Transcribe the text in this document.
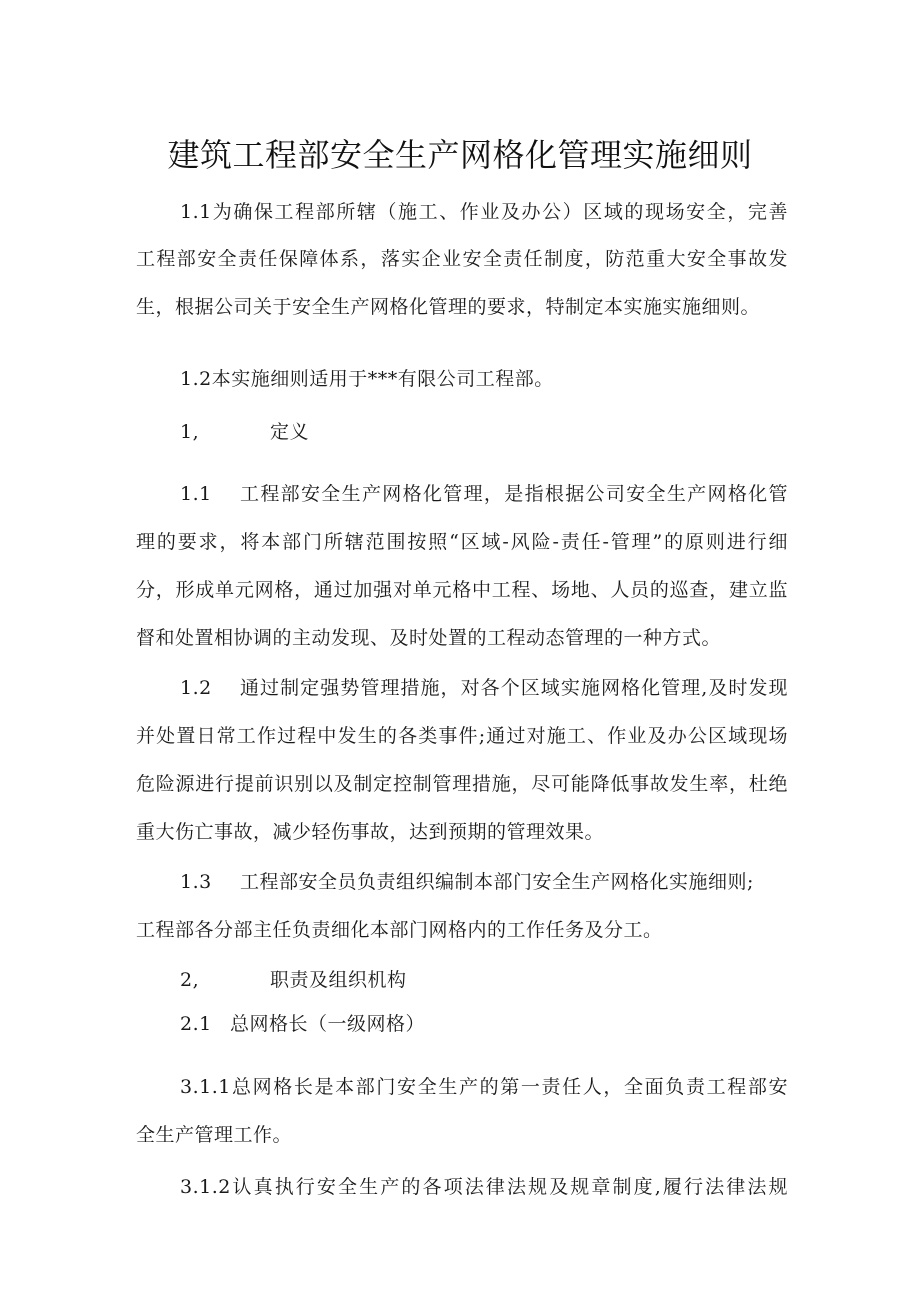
建筑工程部安全生产网格化管理实施细则
1.1为确保工程部所辖（施工、作业及办公）区域的现场安全，完善
工程部安全责任保障体系，落实企业安全责任制度，防范重大安全事故发
生，根据公司关于安全生产网格化管理的要求，特制定本实施实施细则。
1.2本实施细则适用于***有限公司工程部。
1,	定义
1.1	工程部安全生产网格化管理，是指根据公司安全生产网格化管
理的要求，将本部门所辖范围按照“区域-风险-责任-管理”的原则进行细
分，形成单元网格，通过加强对单元格中工程、场地、人员的巡查，建立监
督和处置相协调的主动发现、及时处置的工程动态管理的一种方式。
1.2	通过制定强势管理措施，对各个区域实施网格化管理,及时发现
并处置日常工作过程中发生的各类事件;通过对施工、作业及办公区域现场
危险源进行提前识别以及制定控制管理措施，尽可能降低事故发生率，杜绝
重大伤亡事故，减少轻伤事故，达到预期的管理效果。
1.3	工程部安全员负责组织编制本部门安全生产网格化实施细则;
工程部各分部主任负责细化本部门网格内的工作任务及分工。
2,	职责及组织机构
2.1 总网格长（一级网格）
3.1.1总网格长是本部门安全生产的第一责任人，全面负责工程部安
全生产管理工作。
3.1.2认真执行安全生产的各项法律法规及规章制度,履行法律法规
